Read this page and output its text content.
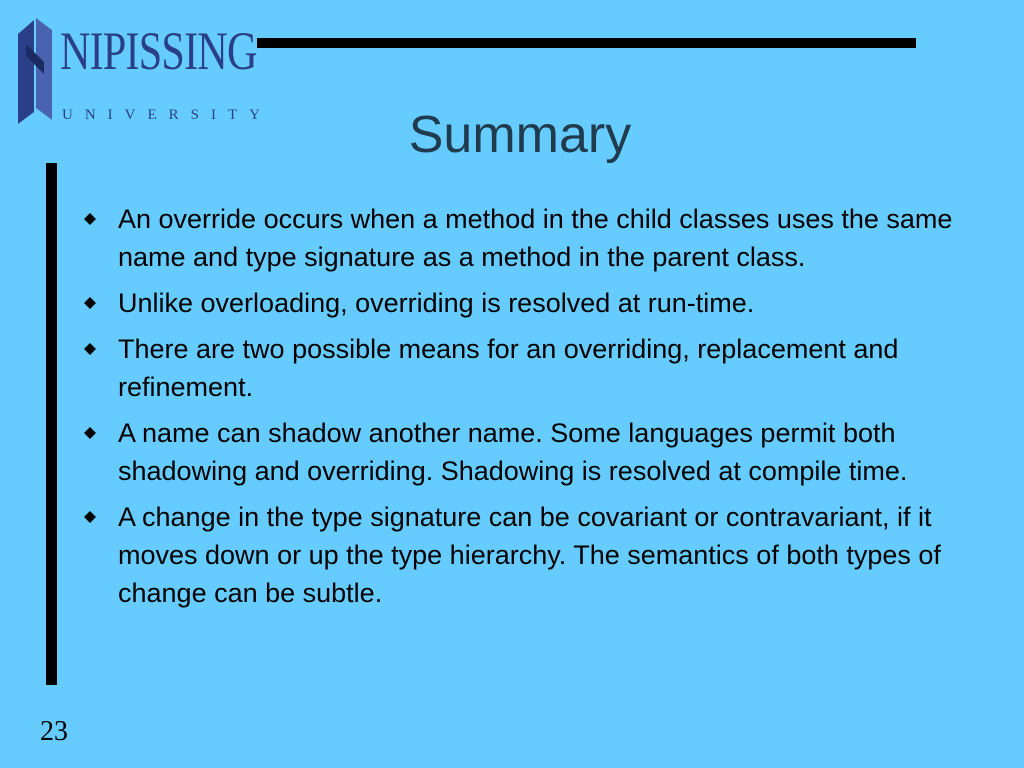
NIPISSING
UNIVERSITY	Summary
An override occurs when a method in the child classes uses the same name and type signature as a method in the parent class.
Unlike overloading, overriding is resolved at run-time.
There are two possible means for an overriding, replacement and refinement.
A name can shadow another name. Some languages permit both shadowing and overriding. Shadowing is resolved at compile time.
A change in the type signature can be covariant or contravariant, if it moves down or up the type hierarchy. The semantics of both types of change can be subtle.
23
